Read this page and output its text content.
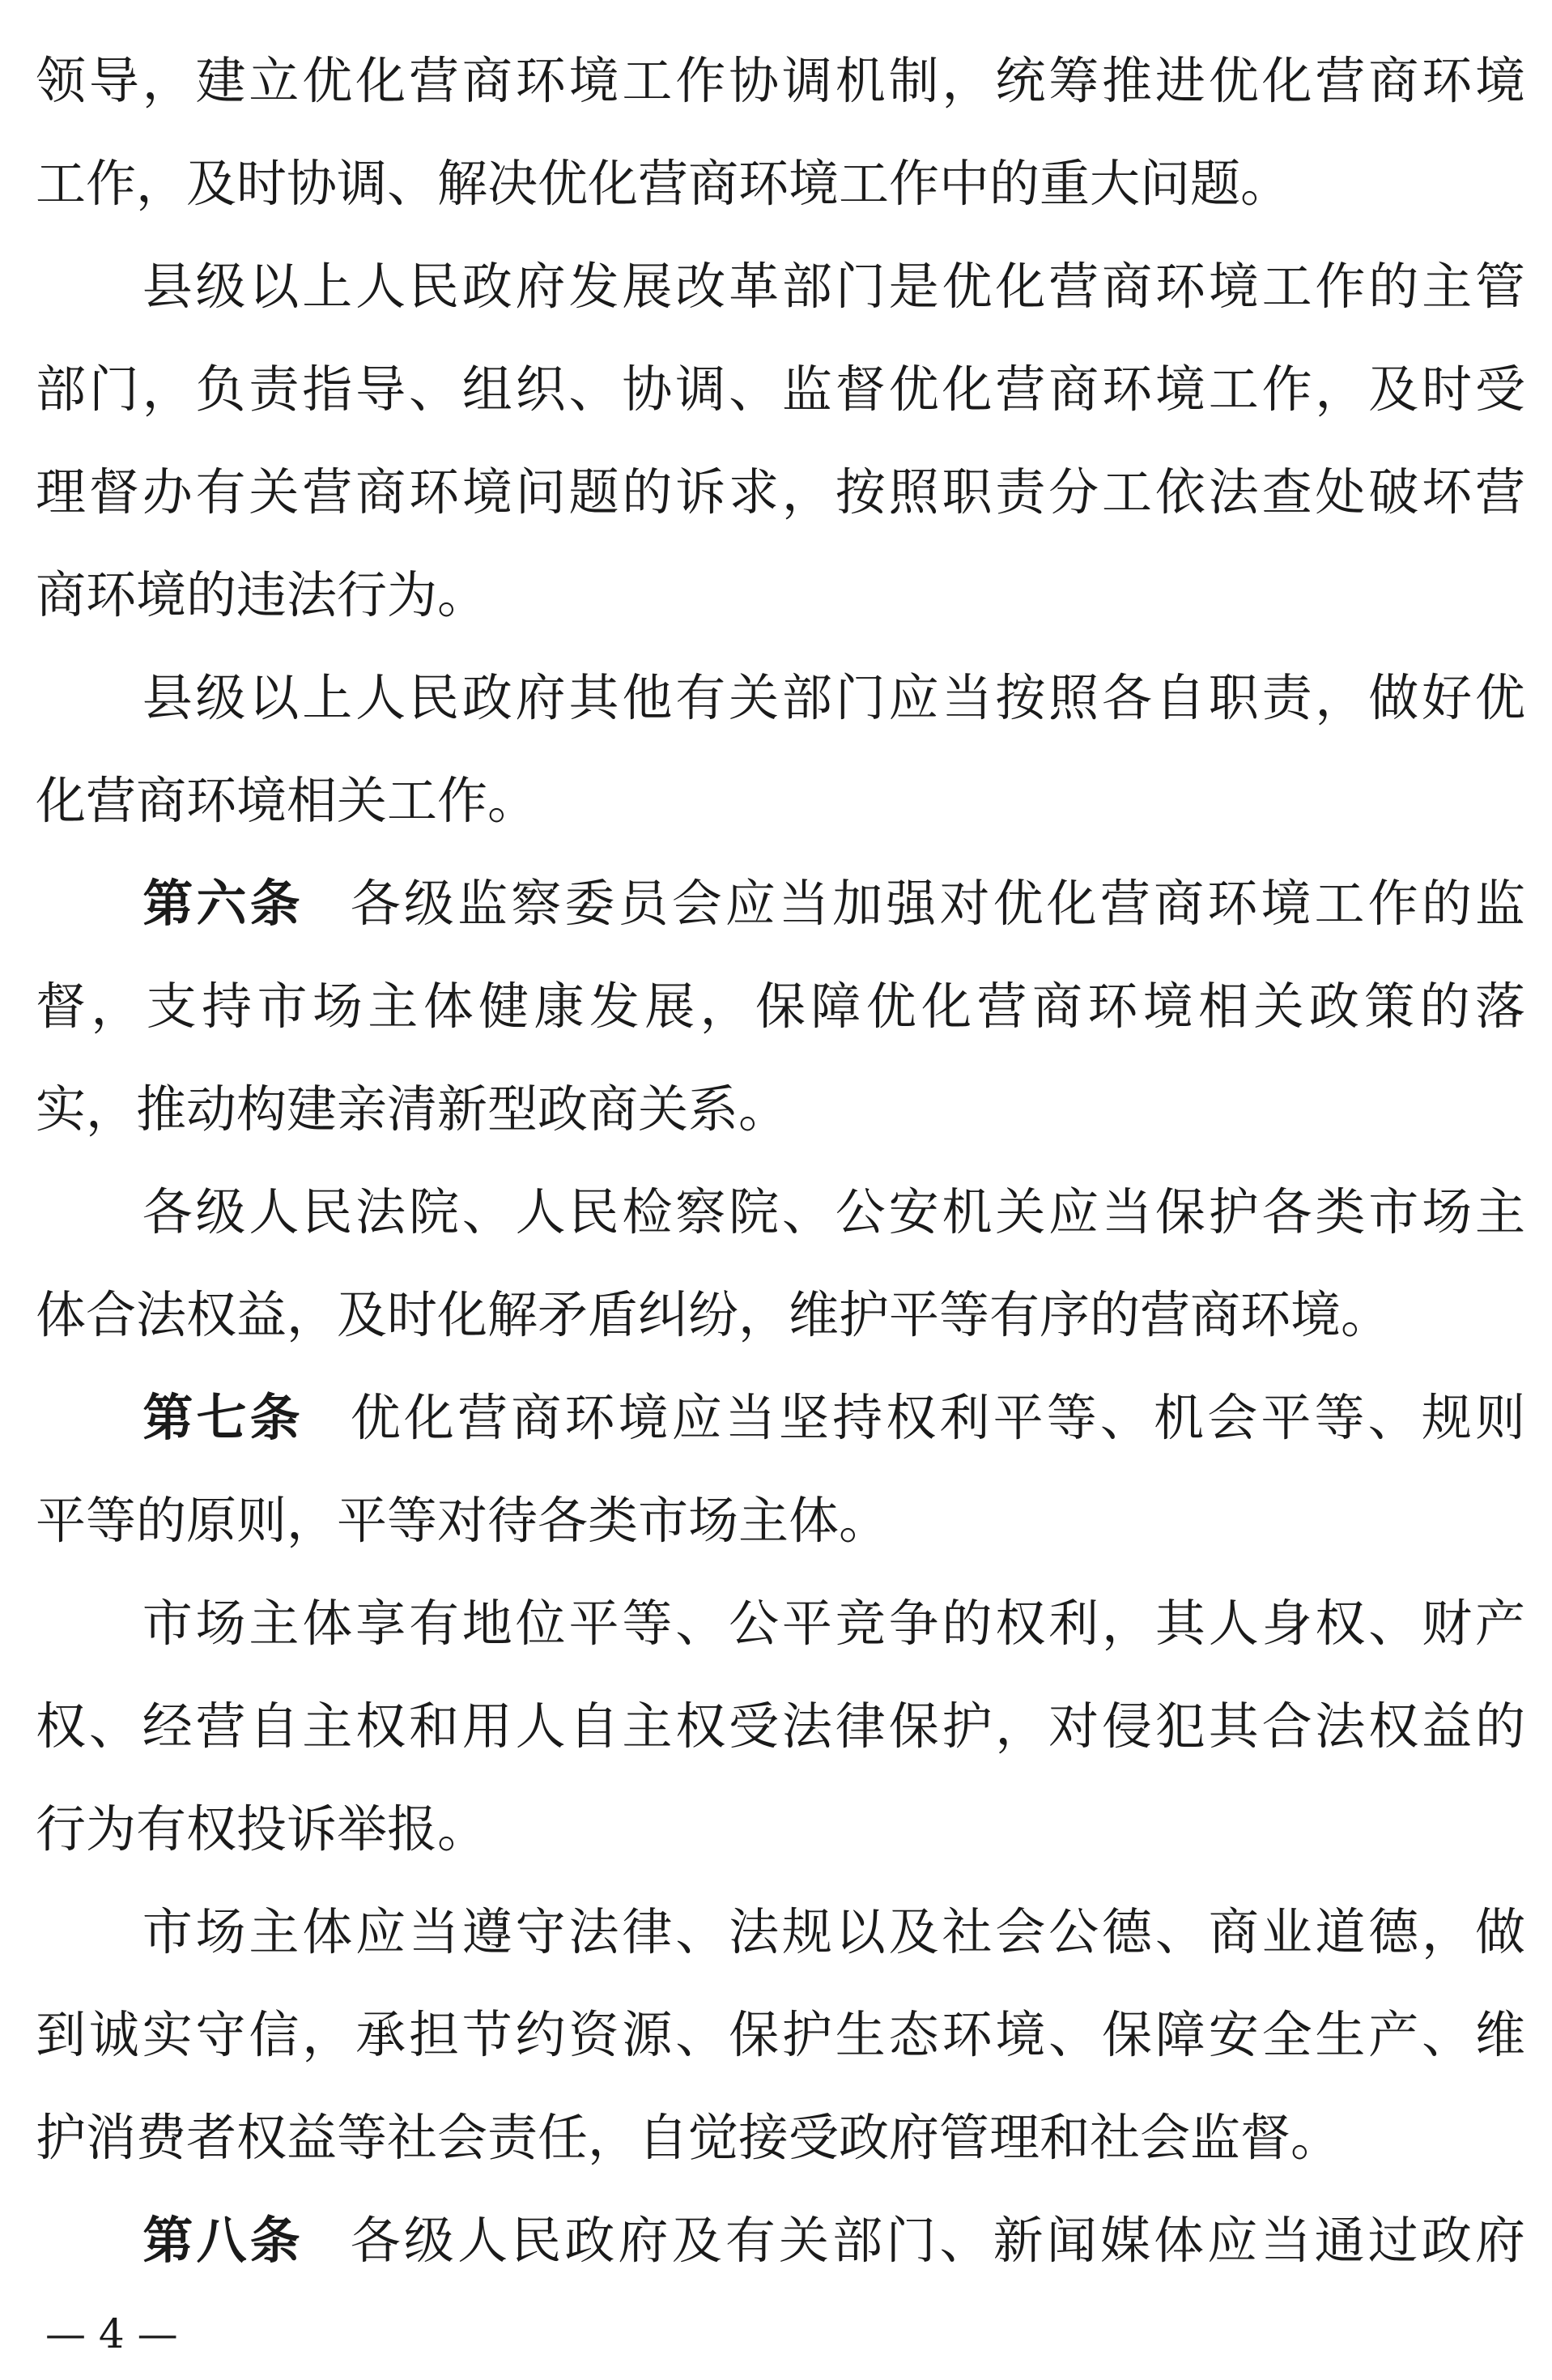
领导，建立优化营商环境工作协调机制，统筹推进优化营商环境
工作，及时协调、解决优化营商环境工作中的重大问题。
　　县级以上人民政府发展改革部门是优化营商环境工作的主管
部门，负责指导、组织、协调、监督优化营商环境工作，及时受
理督办有关营商环境问题的诉求，按照职责分工依法查处破坏营
商环境的违法行为。
　　县级以上人民政府其他有关部门应当按照各自职责，做好优
化营商环境相关工作。
　　第六条 各级监察委员会应当加强对优化营商环境工作的监
督，支持市场主体健康发展，保障优化营商环境相关政策的落
实，推动构建亲清新型政商关系。
　　各级人民法院、人民检察院、公安机关应当保护各类市场主
体合法权益，及时化解矛盾纠纷，维护平等有序的营商环境。
　　第七条 优化营商环境应当坚持权利平等、机会平等、规则
平等的原则，平等对待各类市场主体。
　　市场主体享有地位平等、公平竞争的权利，其人身权、财产
权、经营自主权和用人自主权受法律保护，对侵犯其合法权益的
行为有权投诉举报。
　　市场主体应当遵守法律、法规以及社会公德、商业道德，做
到诚实守信，承担节约资源、保护生态环境、保障安全生产、维
护消费者权益等社会责任，自觉接受政府管理和社会监督。
　　第八条 各级人民政府及有关部门、新闻媒体应当通过政府
— 4 —
